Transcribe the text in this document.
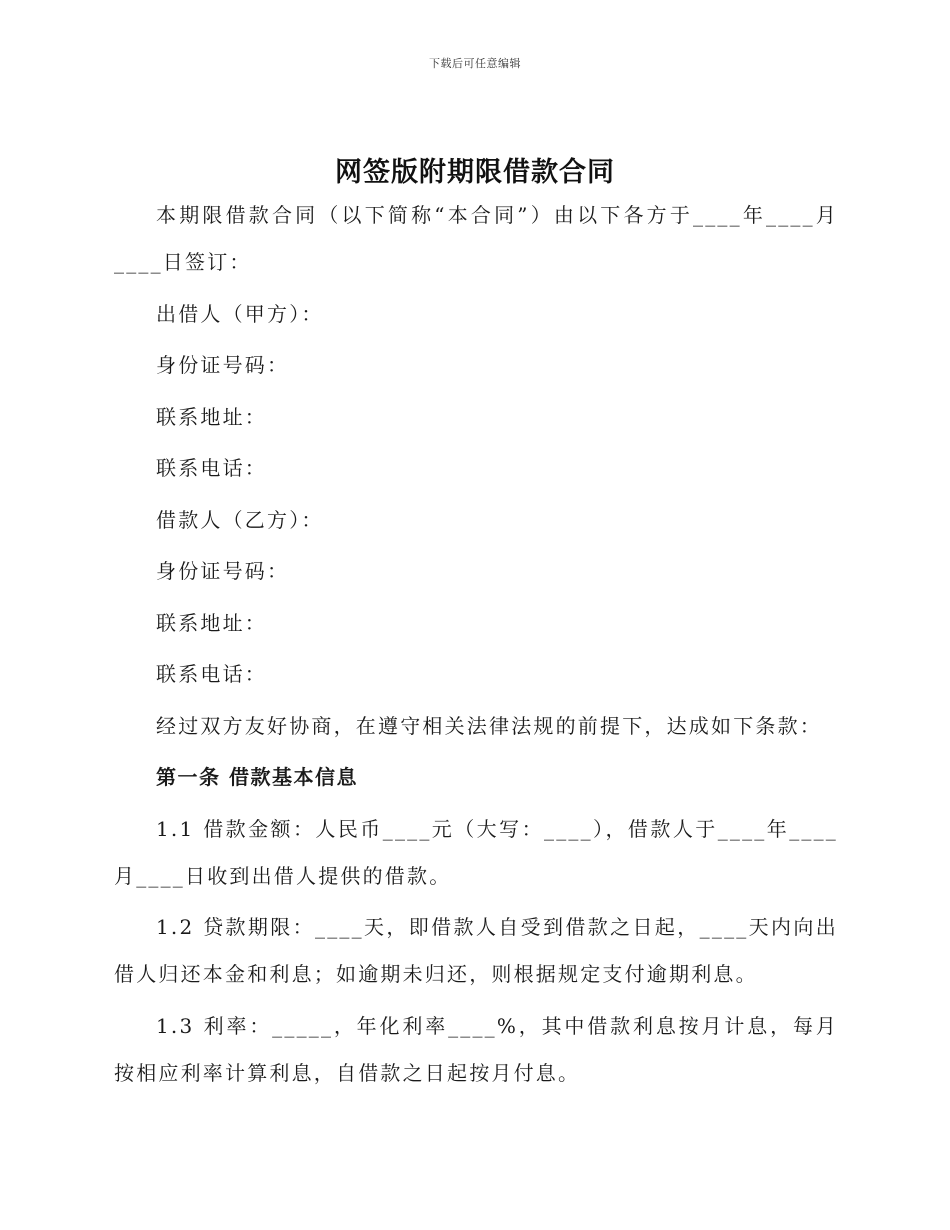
下载后可任意编辑
网签版附期限借款合同

本期限借款合同（以下简称“本合同”）由以下各方于____年____月____日签订：

出借人（甲方）：

身份证号码：

联系地址：

联系电话：

借款人（乙方）：

身份证号码：

联系地址：

联系电话：

经过双方友好协商，在遵守相关法律法规的前提下，达成如下条款：

第一条 借款基本信息

1.1 借款金额：人民币____元（大写：____），借款人于____年____月____日收到出借人提供的借款。

1.2 贷款期限：____天，即借款人自受到借款之日起，____天内向出借人归还本金和利息；如逾期未归还，则根据规定支付逾期利息。

1.3 利率：_____，年化利率____%，其中借款利息按月计息，每月按相应利率计算利息，自借款之日起按月付息。
